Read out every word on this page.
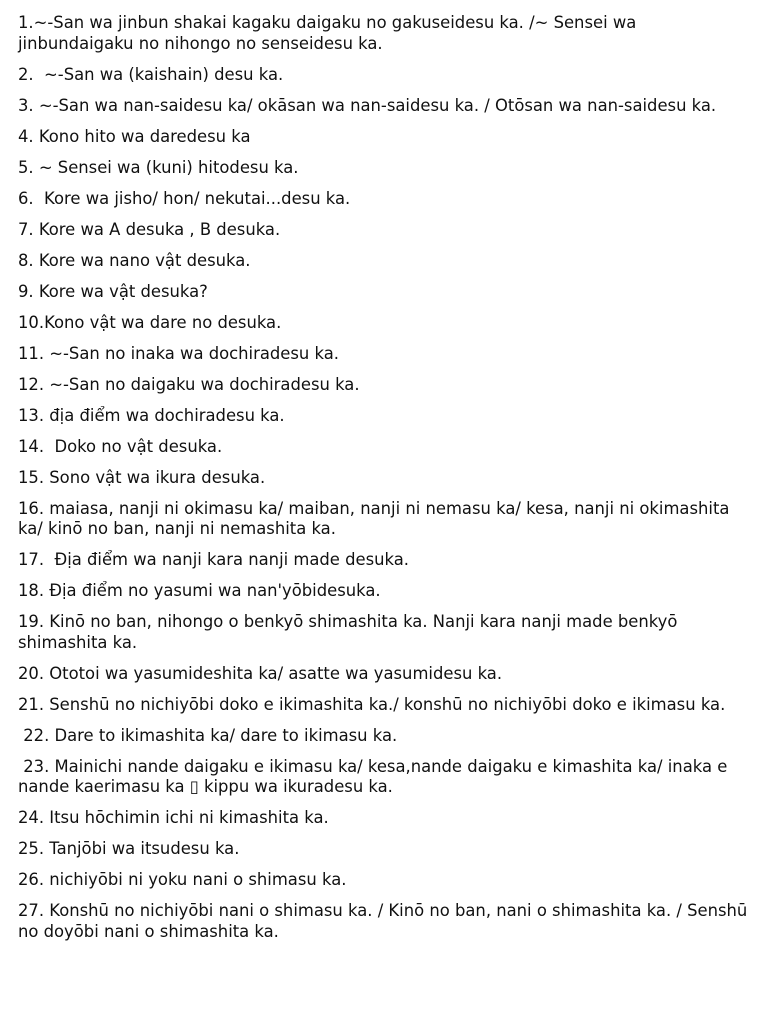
1.~-San wa jinbun shakai kagaku daigaku no gakuseidesu ka. /~ Sensei wa jinbundaigaku no nihongo no senseidesu ka.

2.  ~-San wa (kaishain) desu ka.

3. ~-San wa nan-saidesu ka/ okāsan wa nan-saidesu ka. / Otōsan wa nan-saidesu ka.

4. Kono hito wa daredesu ka

5. ~ Sensei wa (kuni) hitodesu ka.

6.  Kore wa jisho/ hon/ nekutai...desu ka.

7. Kore wa A desuka , B desuka.

8. Kore wa nano vật desuka.

9. Kore wa vật desuka?

10.Kono vật wa dare no desuka.

11. ~-San no inaka wa dochiradesu ka.

12. ~-San no daigaku wa dochiradesu ka.

13. địa điểm wa dochiradesu ka.

14.  Doko no vật desuka.

15. Sono vật wa ikura desuka.

16. maiasa, nanji ni okimasu ka/ maiban, nanji ni nemasu ka/ kesa, nanji ni okimashita ka/ kinō no ban, nanji ni nemashita ka.

17.  Địa điểm wa nanji kara nanji made desuka.

18. Địa điểm no yasumi wa nan'yōbidesuka.

19. Kinō no ban, nihongo o benkyō shimashita ka. Nanji kara nanji made benkyō shimashita ka.

20. Ototoi wa yasumideshita ka/ asatte wa yasumidesu ka.

21. Senshū no nichiyōbi doko e ikimashita ka./ konshū no nichiyōbi doko e ikimasu ka.

22. Dare to ikimashita ka/ dare to ikimasu ka.

23. Mainichi nande daigaku e ikimasu ka/ kesa,nande daigaku e kimashita ka/ inaka e nande kaerimasu ka ▯ kippu wa ikuradesu ka.

24. Itsu hōchimin ichi ni kimashita ka.

25. Tanjōbi wa itsudesu ka.

26. nichiyōbi ni yoku nani o shimasu ka.

27. Konshū no nichiyōbi nani o shimasu ka. / Kinō no ban, nani o shimashita ka. / Senshū no doyōbi nani o shimashita ka.
